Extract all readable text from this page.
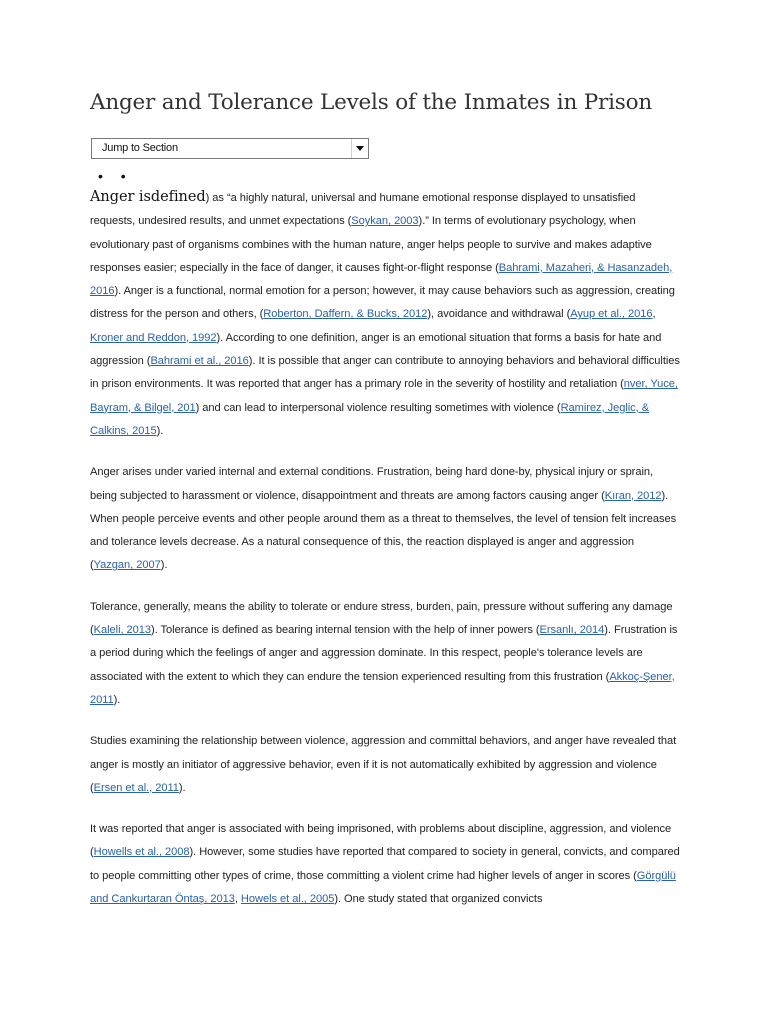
Anger and Tolerance Levels of the Inmates in Prison
Jump to Section
• •

Anger isdefined) as “a highly natural, universal and humane emotional response displayed to unsatisfied requests, undesired results, and unmet expectations (Soykan, 2003).” In terms of evolutionary psychology, when evolutionary past of organisms combines with the human nature, anger helps people to survive and makes adaptive responses easier; especially in the face of danger, it causes fight-or-flight response (Bahrami, Mazaheri, & Hasanzadeh, 2016). Anger is a functional, normal emotion for a person; however, it may cause behaviors such as aggression, creating distress for the person and others, (Roberton, Daffern, & Bucks, 2012), avoidance and withdrawal (Ayup et al., 2016, Kroner and Reddon, 1992). According to one definition, anger is an emotional situation that forms a basis for hate and aggression (Bahrami et al., 2016). It is possible that anger can contribute to annoying behaviors and behavioral difficulties in prison environments. It was reported that anger has a primary role in the severity of hostility and retaliation (nver, Yuce, Bayram, & Bilgel, 201) and can lead to interpersonal violence resulting sometimes with violence (Ramirez, Jeglic, & Calkins, 2015).

Anger arises under varied internal and external conditions. Frustration, being hard done-by, physical injury or sprain, being subjected to harassment or violence, disappointment and threats are among factors causing anger (Kıran, 2012). When people perceive events and other people around them as a threat to themselves, the level of tension felt increases and tolerance levels decrease. As a natural consequence of this, the reaction displayed is anger and aggression (Yazgan, 2007).

Tolerance, generally, means the ability to tolerate or endure stress, burden, pain, pressure without suffering any damage (Kaleli, 2013). Tolerance is defined as bearing internal tension with the help of inner powers (Ersanlı, 2014). Frustration is a period during which the feelings of anger and aggression dominate. In this respect, people's tolerance levels are associated with the extent to which they can endure the tension experienced resulting from this frustration (Akkoç-Şener, 2011).

Studies examining the relationship between violence, aggression and committal behaviors, and anger have revealed that anger is mostly an initiator of aggressive behavior, even if it is not automatically exhibited by aggression and violence (Ersen et al., 2011).

It was reported that anger is associated with being imprisoned, with problems about discipline, aggression, and violence (Howells et al., 2008). However, some studies have reported that compared to society in general, convicts, and compared to people committing other types of crime, those committing a violent crime had higher levels of anger in scores (Görgülü and Cankurtaran Öntaş, 2013, Howels et al., 2005). One study stated that organized convicts
